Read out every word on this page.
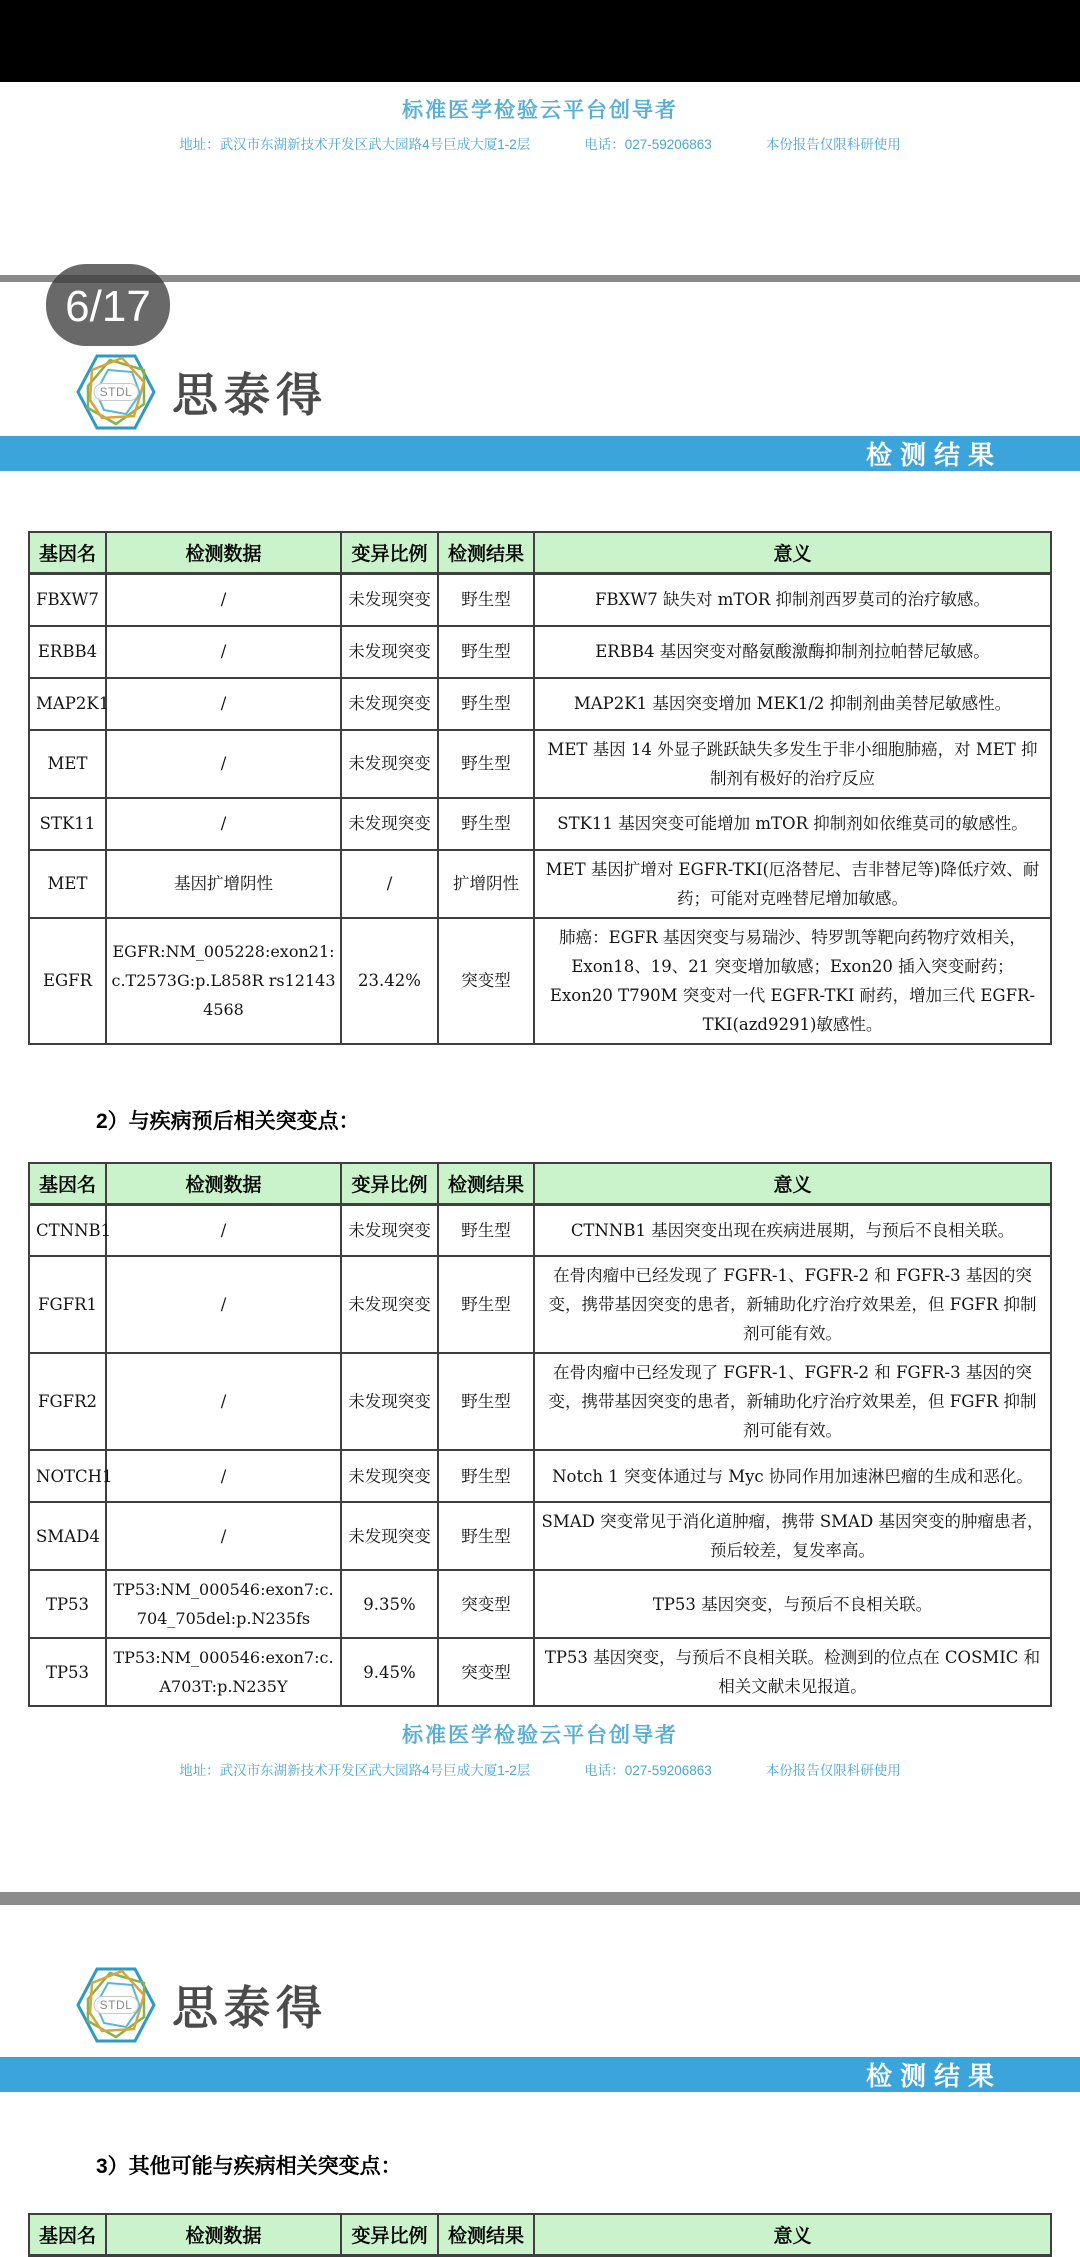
标准医学检验云平台创导者
地址：武汉市东湖新技术开发区武大园路4号巨成大厦1-2层	电话：027-59206863	本份报告仅限科研使用
6/17
STDL 思泰得
检测结果
基因名	检测数据	变异比例	检测结果	意义
FBXW7	/	未发现突变	野生型	FBXW7 缺失对 mTOR 抑制剂西罗莫司的治疗敏感。
ERBB4	/	未发现突变	野生型	ERBB4 基因突变对酪氨酸激酶抑制剂拉帕替尼敏感。
MAP2K1	/	未发现突变	野生型	MAP2K1 基因突变增加 MEK1/2 抑制剂曲美替尼敏感性。
MET	/	未发现突变	野生型	MET 基因 14 外显子跳跃缺失多发生于非小细胞肺癌，对 MET 抑制剂有极好的治疗反应
STK11	/	未发现突变	野生型	STK11 基因突变可能增加 mTOR 抑制剂如依维莫司的敏感性。
MET	基因扩增阴性	/	扩增阴性	MET 基因扩增对 EGFR-TKI(厄洛替尼、吉非替尼等)降低疗效、耐药；可能对克唑替尼增加敏感。
EGFR	EGFR:NM_005228:exon21:c.T2573G:p.L858R rs121434568	23.42%	突变型	肺癌：EGFR 基因突变与易瑞沙、特罗凯等靶向药物疗效相关，Exon18、19、21 突变增加敏感；Exon20 插入突变耐药；Exon20 T790M 突变对一代 EGFR-TKI 耐药，增加三代 EGFR-TKI(azd9291)敏感性。
2）与疾病预后相关突变点：
基因名	检测数据	变异比例	检测结果	意义
CTNNB1	/	未发现突变	野生型	CTNNB1 基因突变出现在疾病进展期，与预后不良相关联。
FGFR1	/	未发现突变	野生型	在骨肉瘤中已经发现了 FGFR-1、FGFR-2 和 FGFR-3 基因的突变，携带基因突变的患者，新辅助化疗治疗效果差，但 FGFR 抑制剂可能有效。
FGFR2	/	未发现突变	野生型	在骨肉瘤中已经发现了 FGFR-1、FGFR-2 和 FGFR-3 基因的突变，携带基因突变的患者，新辅助化疗治疗效果差，但 FGFR 抑制剂可能有效。
NOTCH1	/	未发现突变	野生型	Notch 1 突变体通过与 Myc 协同作用加速淋巴瘤的生成和恶化。
SMAD4	/	未发现突变	野生型	SMAD 突变常见于消化道肿瘤，携带 SMAD 基因突变的肿瘤患者，预后较差，复发率高。
TP53	TP53:NM_000546:exon7:c.704_705del:p.N235fs	9.35%	突变型	TP53 基因突变，与预后不良相关联。
TP53	TP53:NM_000546:exon7:c.A703T:p.N235Y	9.45%	突变型	TP53 基因突变，与预后不良相关联。检测到的位点在 COSMIC 和相关文献未见报道。
标准医学检验云平台创导者
地址：武汉市东湖新技术开发区武大园路4号巨成大厦1-2层	电话：027-59206863	本份报告仅限科研使用
STDL 思泰得
检测结果
3）其他可能与疾病相关突变点：
基因名	检测数据	变异比例	检测结果	意义
